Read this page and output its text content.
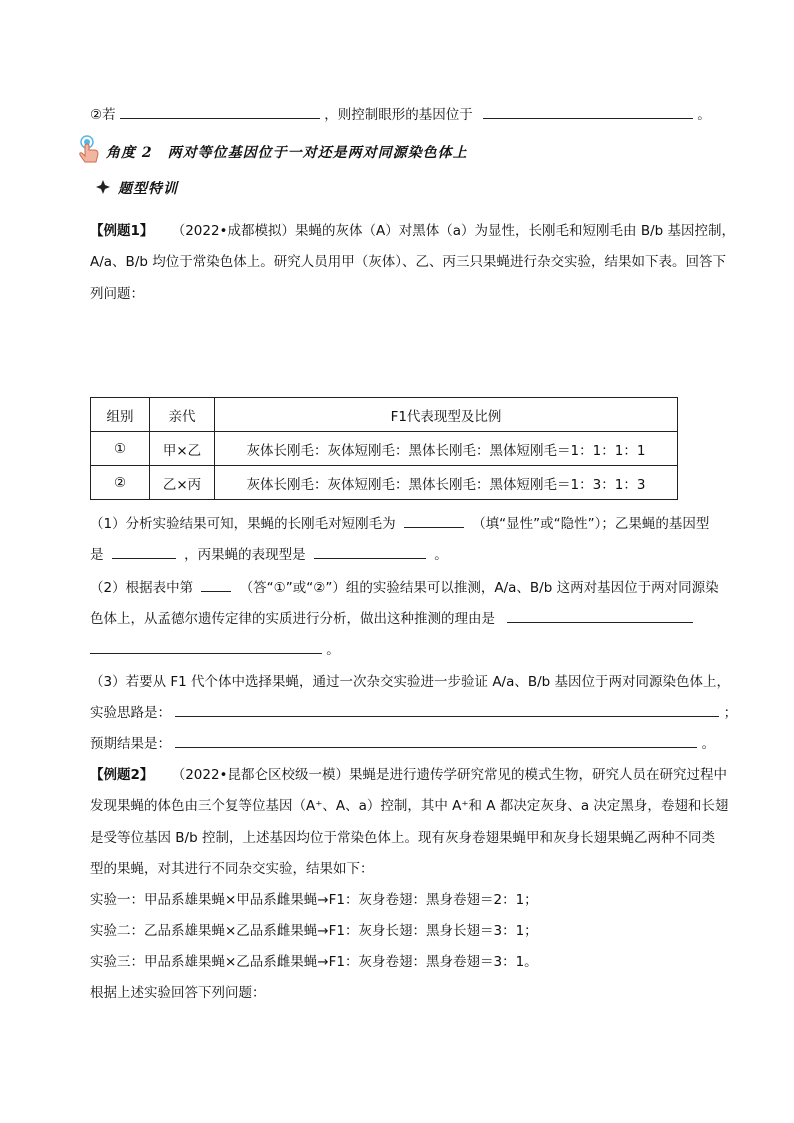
②若	，则控制眼形的基因位于	。
角度 2　两对等位基因位于一对还是两对同源染色体上
题型特训
【例题1】 （2022•成都模拟）果蝇的灰体（A）对黑体（a）为显性，长刚毛和短刚毛由 B/b 基因控制，
A/a、B/b 均位于常染色体上。研究人员用甲（灰体）、乙、丙三只果蝇进行杂交实验，结果如下表。回答下
列问题：
组别	亲代	F1代表现型及比例
①	甲×乙	灰体长刚毛：灰体短刚毛：黑体长刚毛：黑体短刚毛＝1：1：1：1
②	乙×丙	灰体长刚毛：灰体短刚毛：黑体长刚毛：黑体短刚毛＝1：3：1：3
（1）分析实验结果可知，果蝇的长刚毛对短刚毛为	（填“显性”或“隐性”）；乙果蝇的基因型
是	，丙果蝇的表现型是	。
（2）根据表中第	（答“①”或“②”）组的实验结果可以推测，A/a、B/b 这两对基因位于两对同源染
色体上，从孟德尔遗传定律的实质进行分析，做出这种推测的理由是
。
（3）若要从 F1 代个体中选择果蝇，通过一次杂交实验进一步验证 A/a、B/b 基因位于两对同源染色体上，
实验思路是：	；
预期结果是：	。
【例题2】 （2022•昆都仑区校级一模）果蝇是进行遗传学研究常见的模式生物，研究人员在研究过程中
发现果蝇的体色由三个复等位基因（A⁺、A、a）控制，其中 A⁺和 A 都决定灰身、a 决定黑身，卷翅和长翅
是受等位基因 B/b 控制，上述基因均位于常染色体上。现有灰身卷翅果蝇甲和灰身长翅果蝇乙两种不同类
型的果蝇，对其进行不同杂交实验，结果如下：
实验一：甲品系雄果蝇×甲品系雌果蝇→F1：灰身卷翅：黑身卷翅＝2：1；
实验二：乙品系雄果蝇×乙品系雌果蝇→F1：灰身长翅：黑身长翅＝3：1；
实验三：甲品系雄果蝇×乙品系雌果蝇→F1：灰身卷翅：黑身卷翅＝3：1。
根据上述实验回答下列问题：
